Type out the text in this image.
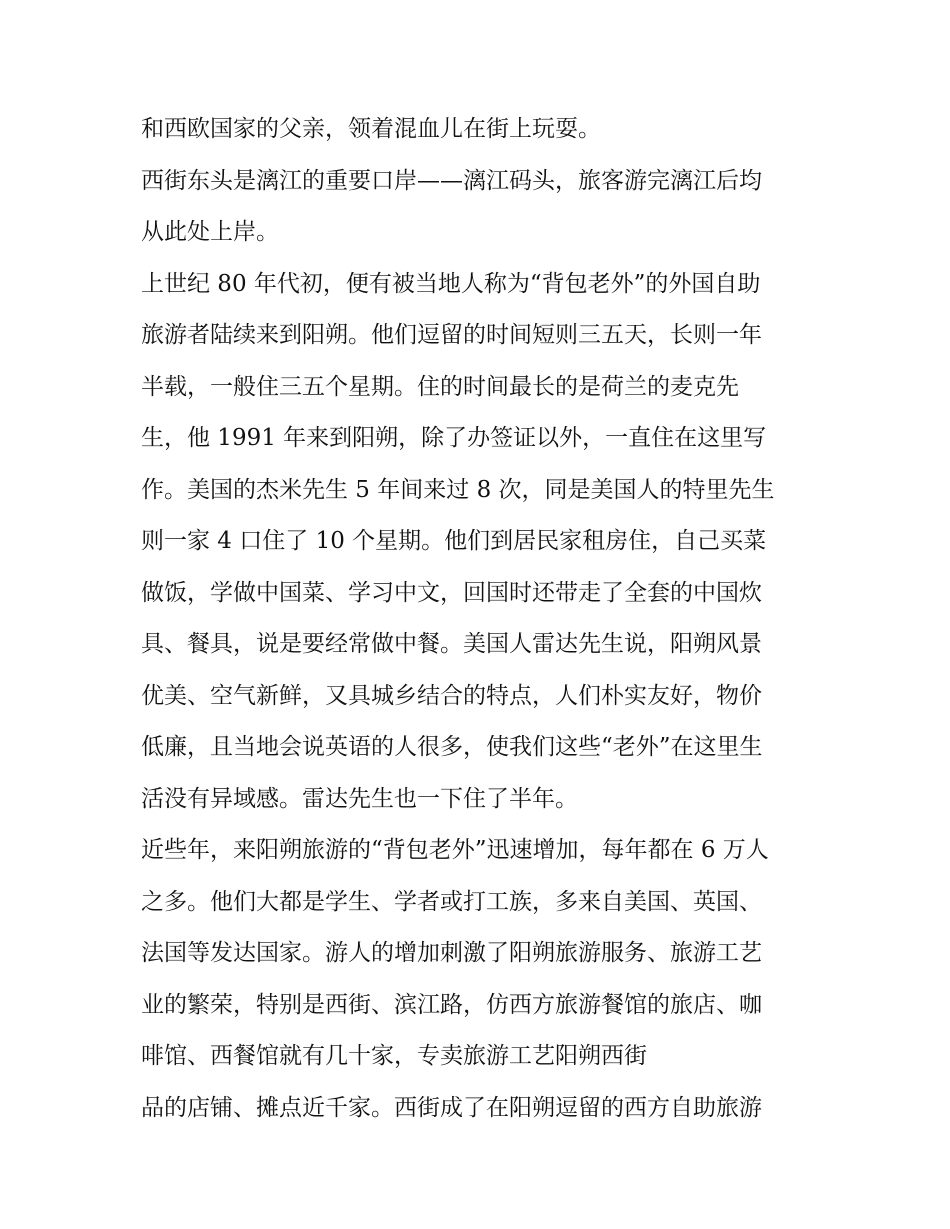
和西欧国家的父亲，领着混血儿在街上玩耍。
西街东头是漓江的重要口岸——漓江码头，旅客游完漓江后均
从此处上岸。
上世纪 80 年代初，便有被当地人称为“背包老外”的外国自助
旅游者陆续来到阳朔。他们逗留的时间短则三五天，长则一年
半载，一般住三五个星期。住的时间最长的是荷兰的麦克先
生，他 1991 年来到阳朔，除了办签证以外，一直住在这里写
作。美国的杰米先生 5 年间来过 8 次，同是美国人的特里先生
则一家 4 口住了 10 个星期。他们到居民家租房住，自己买菜
做饭，学做中国菜、学习中文，回国时还带走了全套的中国炊
具、餐具，说是要经常做中餐。美国人雷达先生说，阳朔风景
优美、空气新鲜，又具城乡结合的特点，人们朴实友好，物价
低廉，且当地会说英语的人很多，使我们这些“老外”在这里生
活没有异域感。雷达先生也一下住了半年。
近些年，来阳朔旅游的“背包老外”迅速增加，每年都在 6 万人
之多。他们大都是学生、学者或打工族，多来自美国、英国、
法国等发达国家。游人的增加刺激了阳朔旅游服务、旅游工艺
业的繁荣，特别是西街、滨江路，仿西方旅游餐馆的旅店、咖
啡馆、西餐馆就有几十家，专卖旅游工艺阳朔西街
品的店铺、摊点近千家。西街成了在阳朔逗留的西方自助旅游
